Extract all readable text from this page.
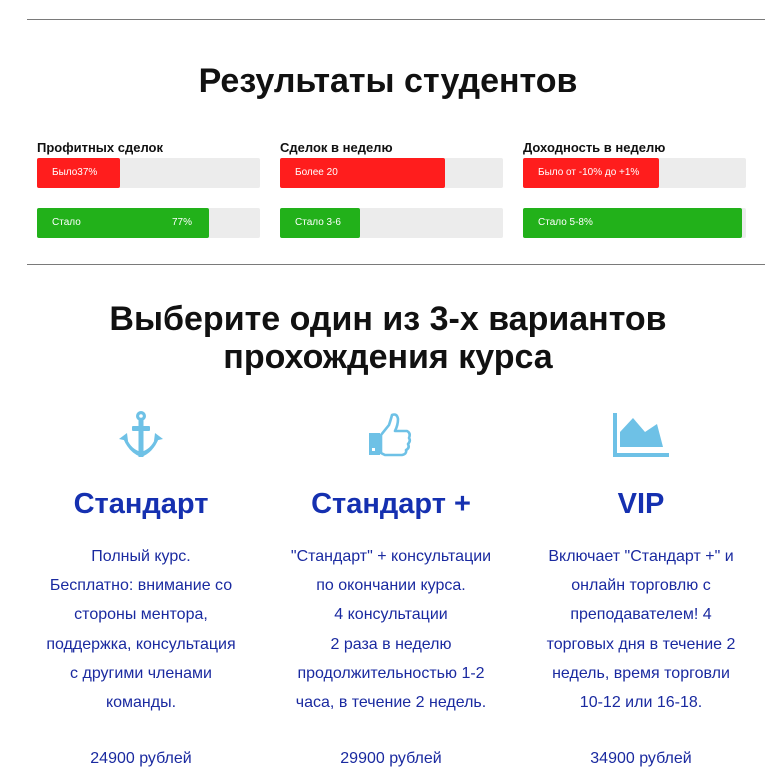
Результаты студентов
Профитных сделок
Было37%
Стало	77%
Сделок в неделю
Более 20
Стало 3-6
Доходность в неделю
Было от -10% до +1%
Стало 5-8%
Выберите один из 3-х вариантов
прохождения курса
Стандарт
Полный курс.
Бесплатно: внимание со
стороны ментора,
поддержка, консультация
с другими членами
команды.
24900 рублей
Стандарт +
"Стандарт" + консультации
по окончании курса.
4 консультации
2 раза в неделю
продолжительностью 1-2
часа, в течение 2 недель.
29900 рублей
VIP
Включает "Стандарт +" и
онлайн торговлю с
преподавателем! 4
торговых дня в течение 2
недель, время торговли
10-12 или 16-18.
34900 рублей
